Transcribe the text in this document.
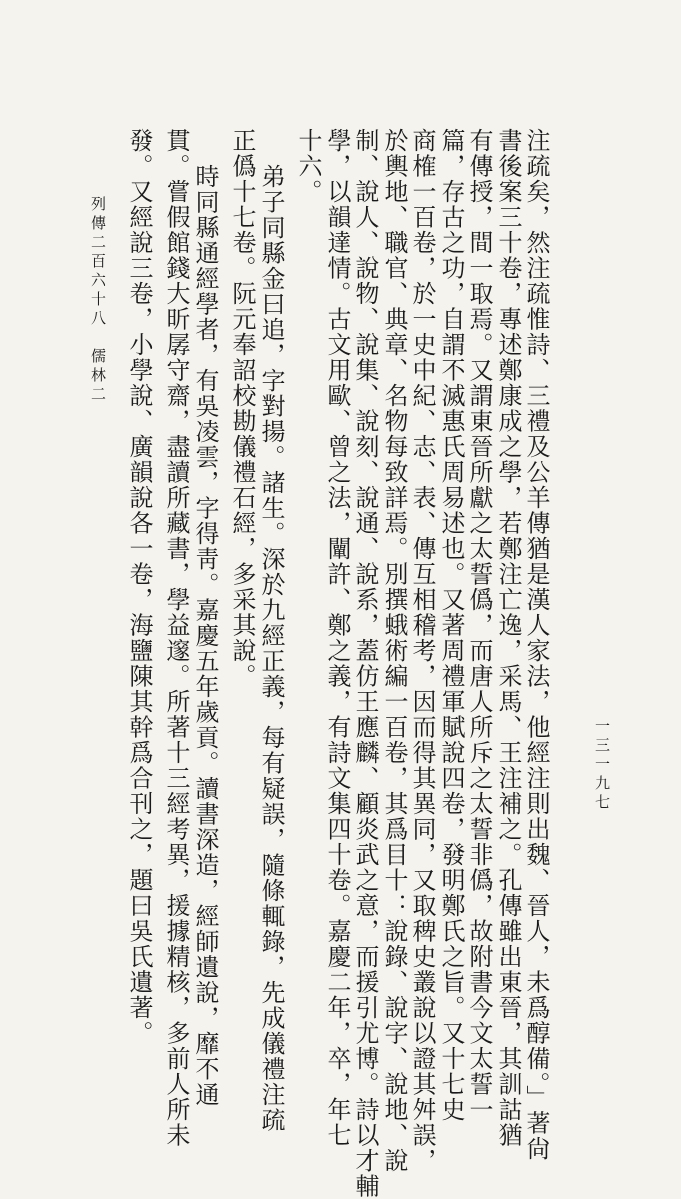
注疏矣，然注疏惟詩、三禮及公羊傳猶是漢人家法，他經注則出魏、晉人，未爲醇備。」著尙
書後案三十卷，專述鄭康成之學，若鄭注亡逸，采馬、王注補之。孔傳雖出東晉，其訓詁猶
有傳授，間一取焉。又謂東晉所獻之太誓僞，而唐人所斥之太誓非僞，故附書今文太誓一
篇，存古之功，自謂不滅惠氏周易述也。又著周禮軍賦說四卷，發明鄭氏之旨。又十七史
商榷一百卷，於一史中紀、志、表、傳互相稽考，因而得其異同，又取稗史叢說以證其舛誤，
於輿地、職官、典章、名物每致詳焉。別撰蛾術編一百卷，其爲目十：說錄、說字、說地、說
制、說人、說物、說集、說刻、說通、說系，蓋仿王應麟、顧炎武之意，而援引尤博。詩以才輔
學，以韻達情。古文用歐、曾之法，闡許、鄭之義，有詩文集四十卷。嘉慶二年，卒，年七
十六。
弟子同縣金曰追，字對揚。諸生。深於九經正義，每有疑誤，隨條輒錄，先成儀禮注疏
正僞十七卷。阮元奉詔校勘儀禮石經，多采其說。
時同縣通經學者，有吳凌雲，字得靑。嘉慶五年歲貢。讀書深造，經師遺說，靡不通
貫。嘗假館錢大昕孱守齋，盡讀所藏書，學益邃。所著十三經考異，援據精核，多前人所未
發。又經說三卷，小學說、廣韻說各一卷，海鹽陳其幹爲合刊之，題曰吳氏遺著。
列傳二百六十八　儒林二
一三一九七
